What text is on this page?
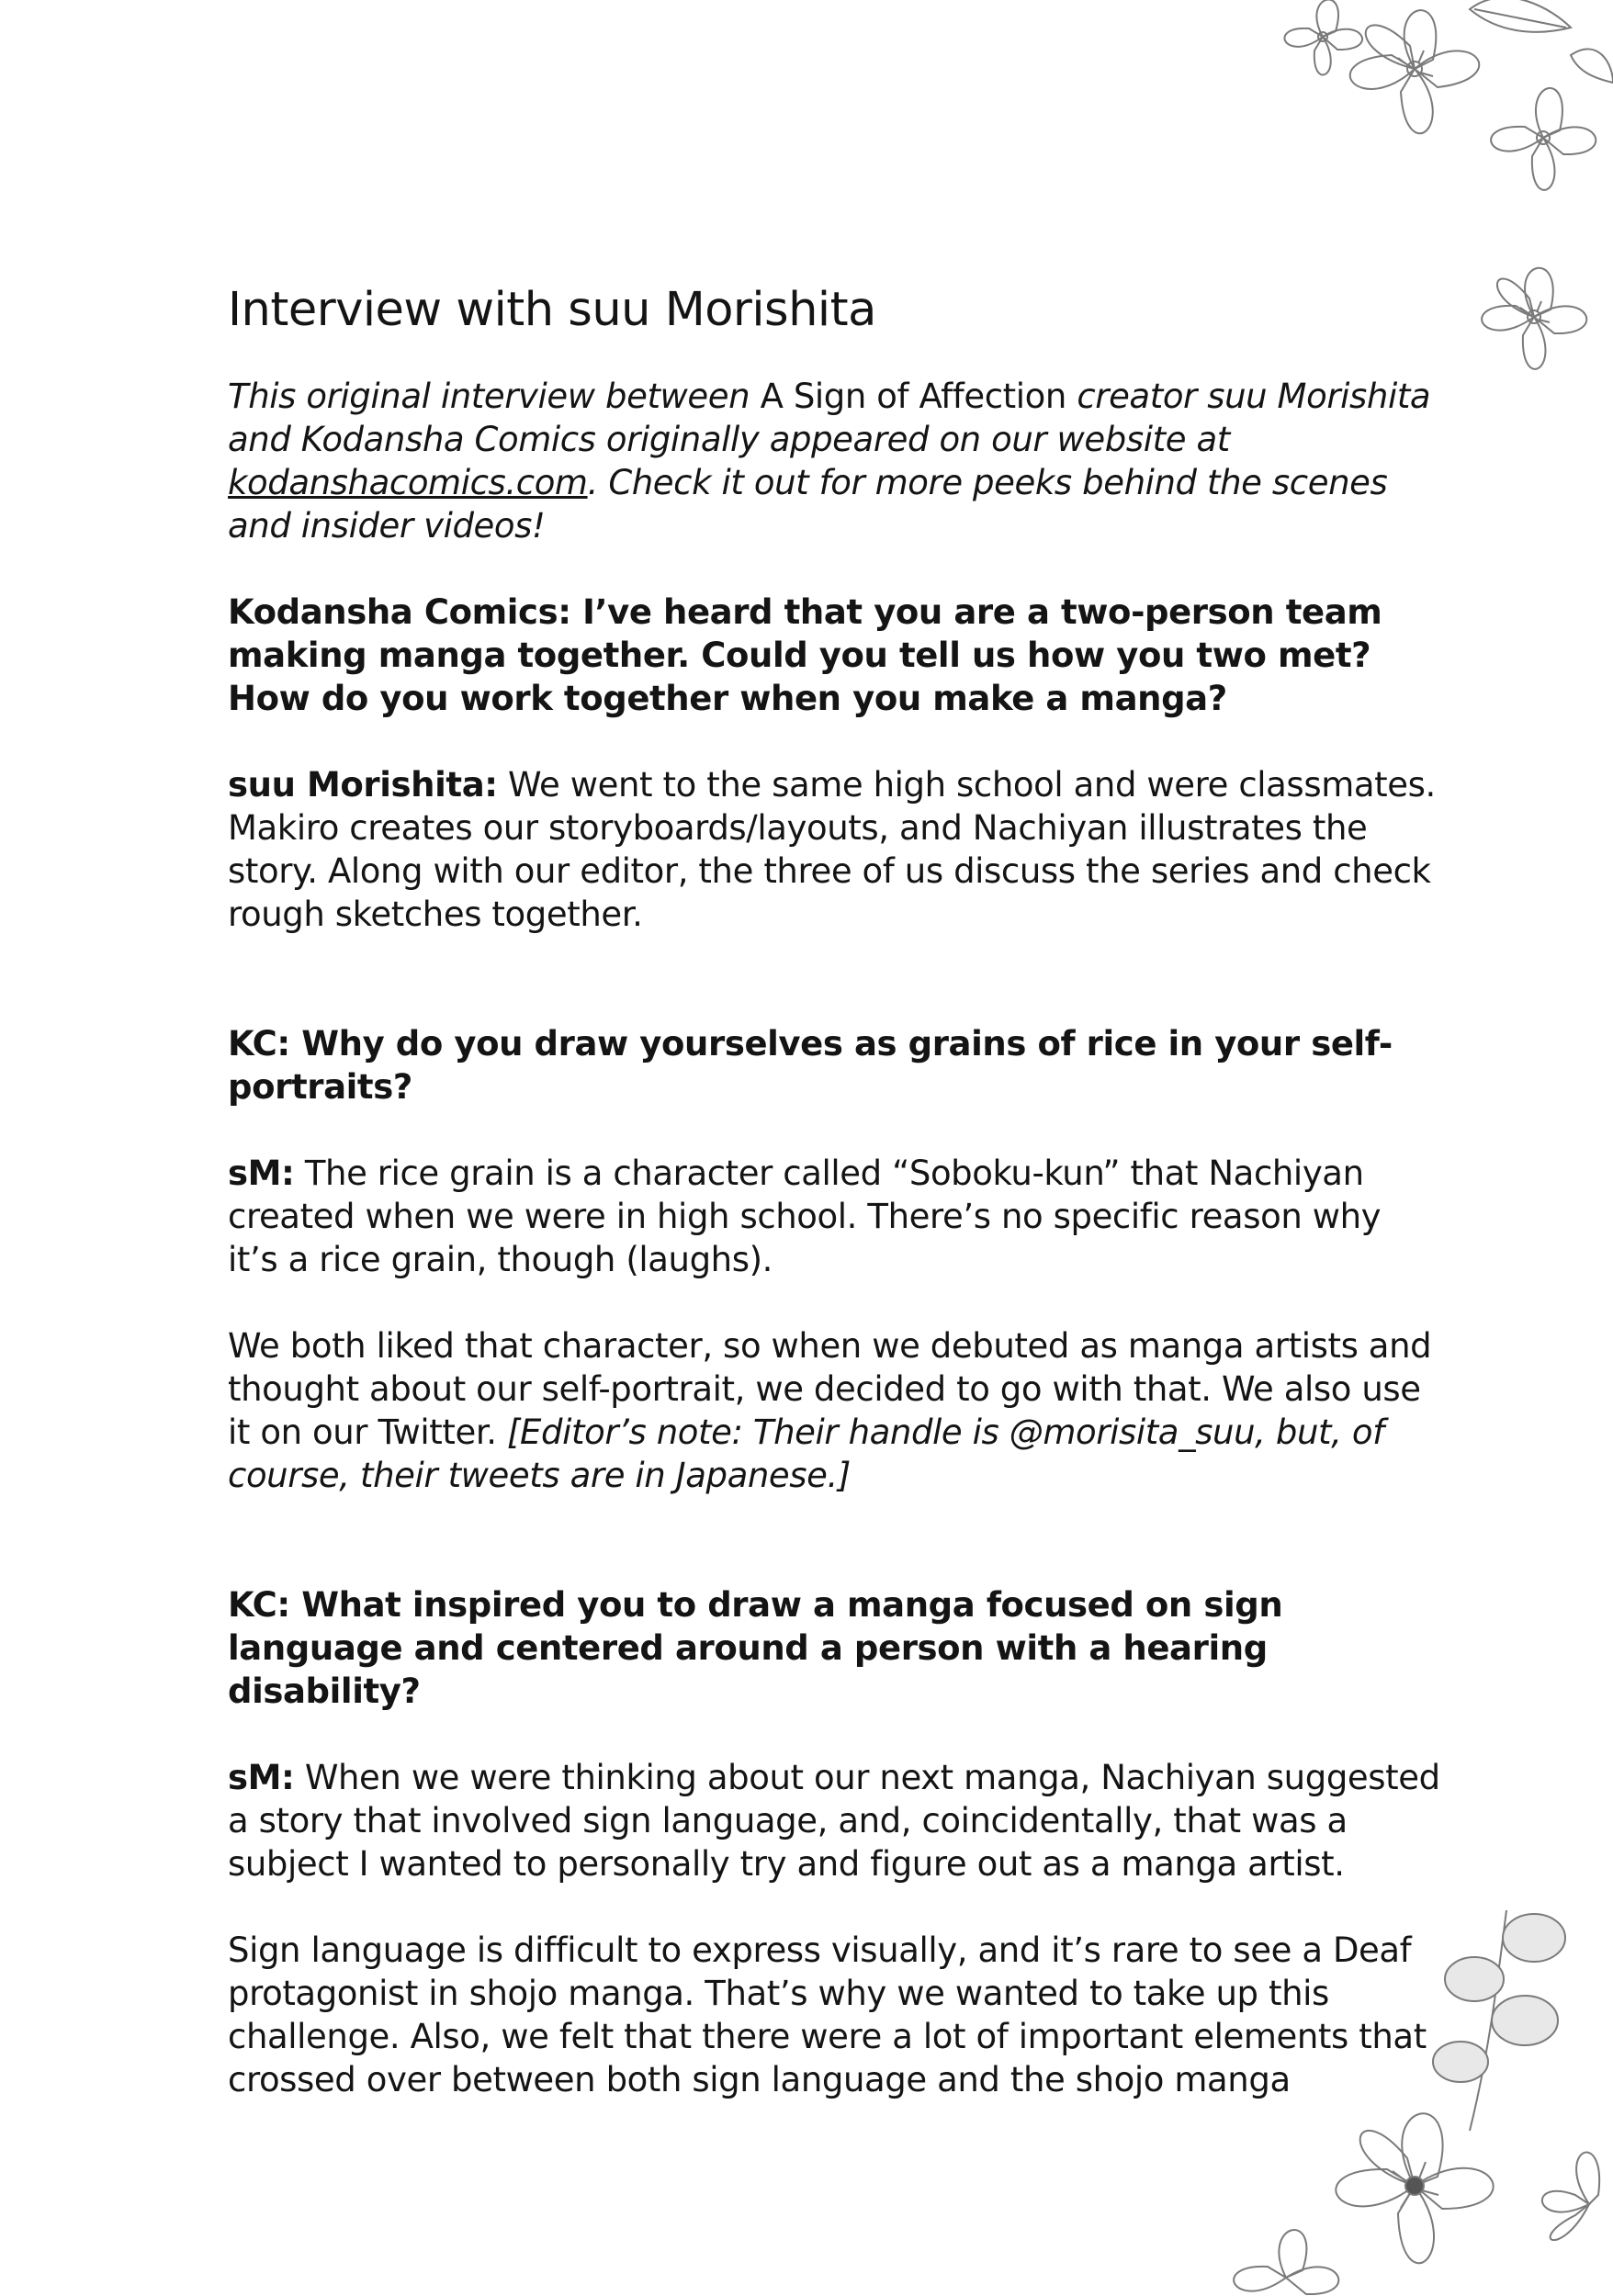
Interview with suu Morishita

This original interview between A Sign of Affection creator suu Morishita and Kodansha Comics originally appeared on our website at kodanshacomics.com. Check it out for more peeks behind the scenes and insider videos!

Kodansha Comics: I’ve heard that you are a two-person team making manga together. Could you tell us how you two met? How do you work together when you make a manga?

suu Morishita: We went to the same high school and were classmates. Makiro creates our storyboards/layouts, and Nachiyan illustrates the story. Along with our editor, the three of us discuss the series and check rough sketches together.

KC: Why do you draw yourselves as grains of rice in your self-portraits?

sM: The rice grain is a character called “Soboku-kun” that Nachiyan created when we were in high school. There’s no specific reason why it’s a rice grain, though (laughs).

We both liked that character, so when we debuted as manga artists and thought about our self-portrait, we decided to go with that. We also use it on our Twitter. [Editor’s note: Their handle is @morisita_suu, but, of course, their tweets are in Japanese.]

KC: What inspired you to draw a manga focused on sign language and centered around a person with a hearing disability?

sM: When we were thinking about our next manga, Nachiyan suggested a story that involved sign language, and, coincidentally, that was a subject I wanted to personally try and figure out as a manga artist.

Sign language is difficult to express visually, and it’s rare to see a Deaf protagonist in shojo manga. That’s why we wanted to take up this challenge. Also, we felt that there were a lot of important elements that crossed over between both sign language and the shojo manga
